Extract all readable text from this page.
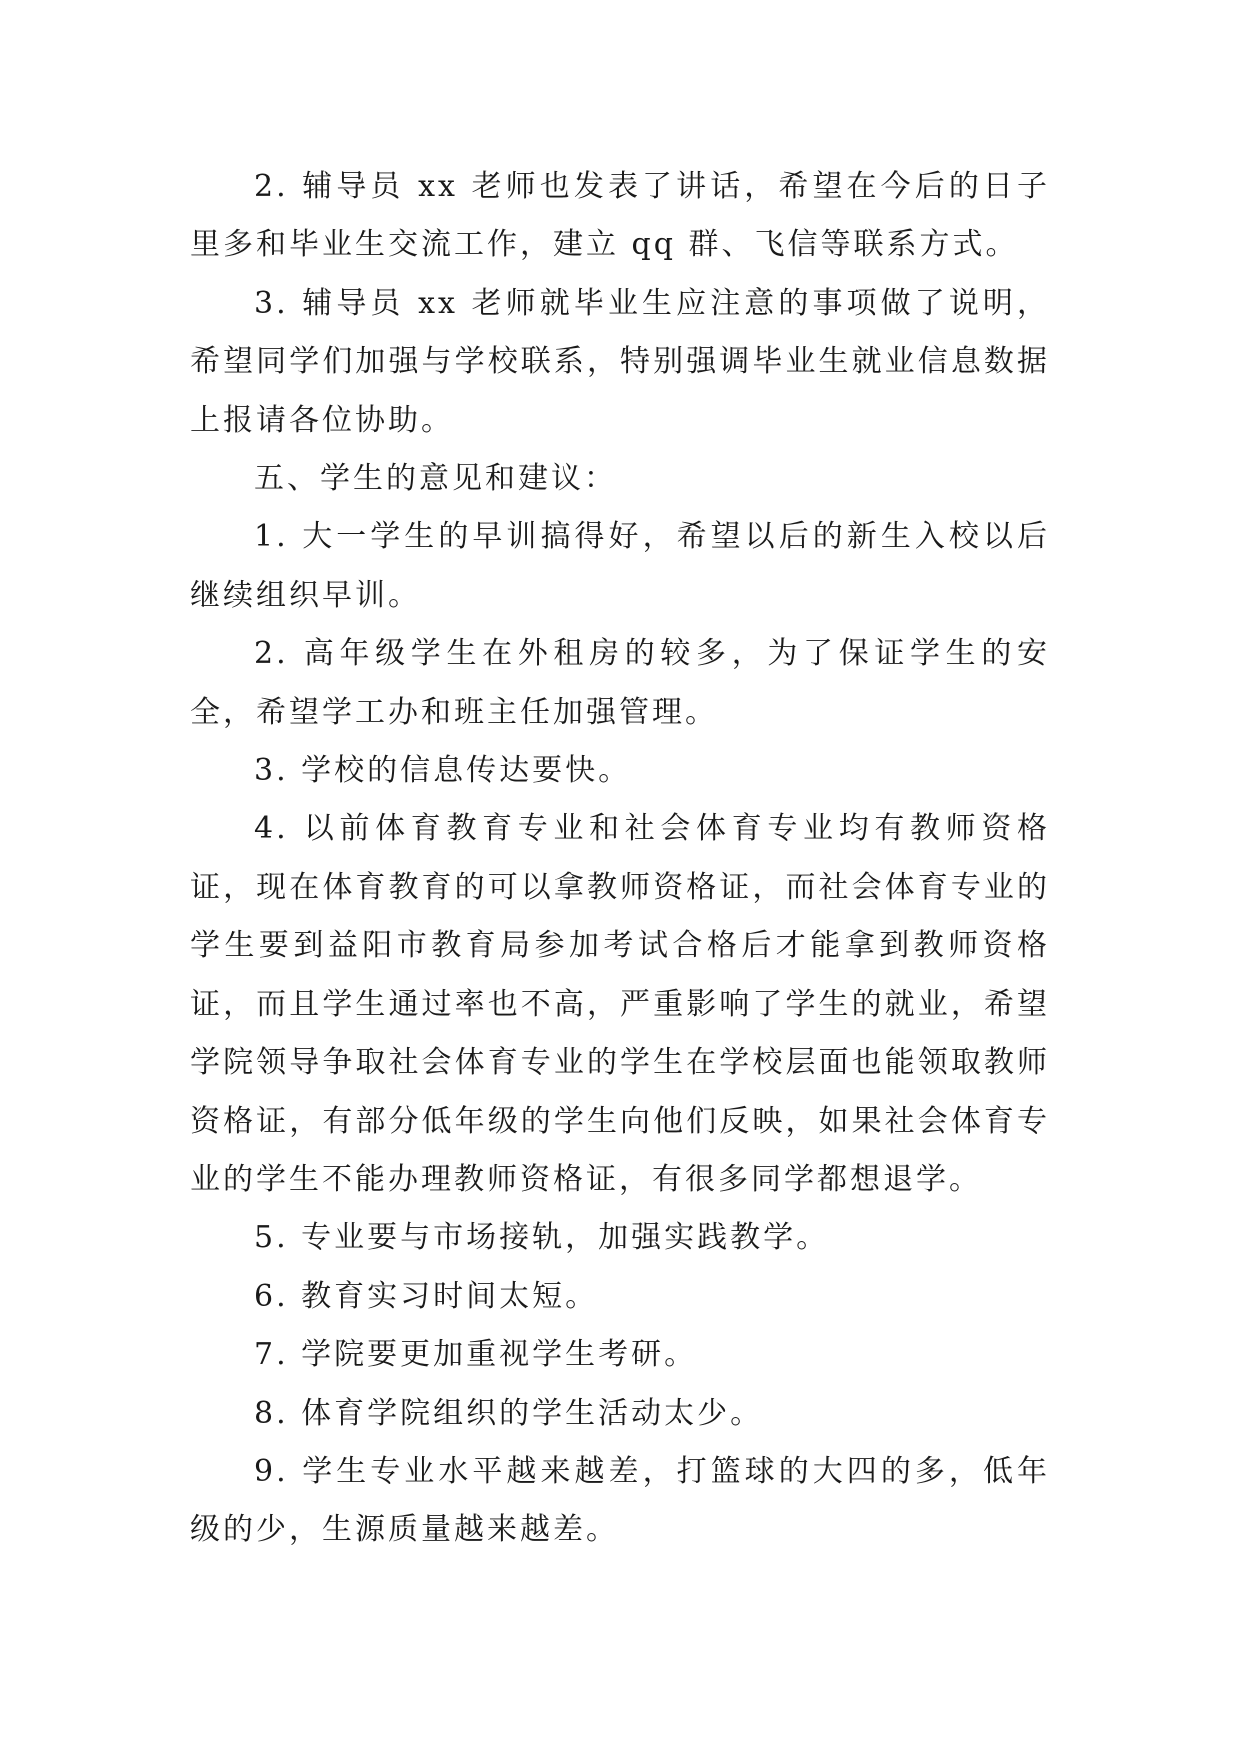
2. 辅导员 xx 老师也发表了讲话，希望在今后的日子里多和毕业生交流工作，建立 qq 群、飞信等联系方式。

3. 辅导员 xx 老师就毕业生应注意的事项做了说明，希望同学们加强与学校联系，特别强调毕业生就业信息数据上报请各位协助。

五、学生的意见和建议：

1. 大一学生的早训搞得好，希望以后的新生入校以后继续组织早训。

2. 高年级学生在外租房的较多，为了保证学生的安全，希望学工办和班主任加强管理。

3. 学校的信息传达要快。

4. 以前体育教育专业和社会体育专业均有教师资格证，现在体育教育的可以拿教师资格证，而社会体育专业的学生要到益阳市教育局参加考试合格后才能拿到教师资格证，而且学生通过率也不高，严重影响了学生的就业，希望学院领导争取社会体育专业的学生在学校层面也能领取教师资格证，有部分低年级的学生向他们反映，如果社会体育专业的学生不能办理教师资格证，有很多同学都想退学。

5. 专业要与市场接轨，加强实践教学。

6. 教育实习时间太短。

7. 学院要更加重视学生考研。

8. 体育学院组织的学生活动太少。

9. 学生专业水平越来越差，打篮球的大四的多，低年级的少，生源质量越来越差。
